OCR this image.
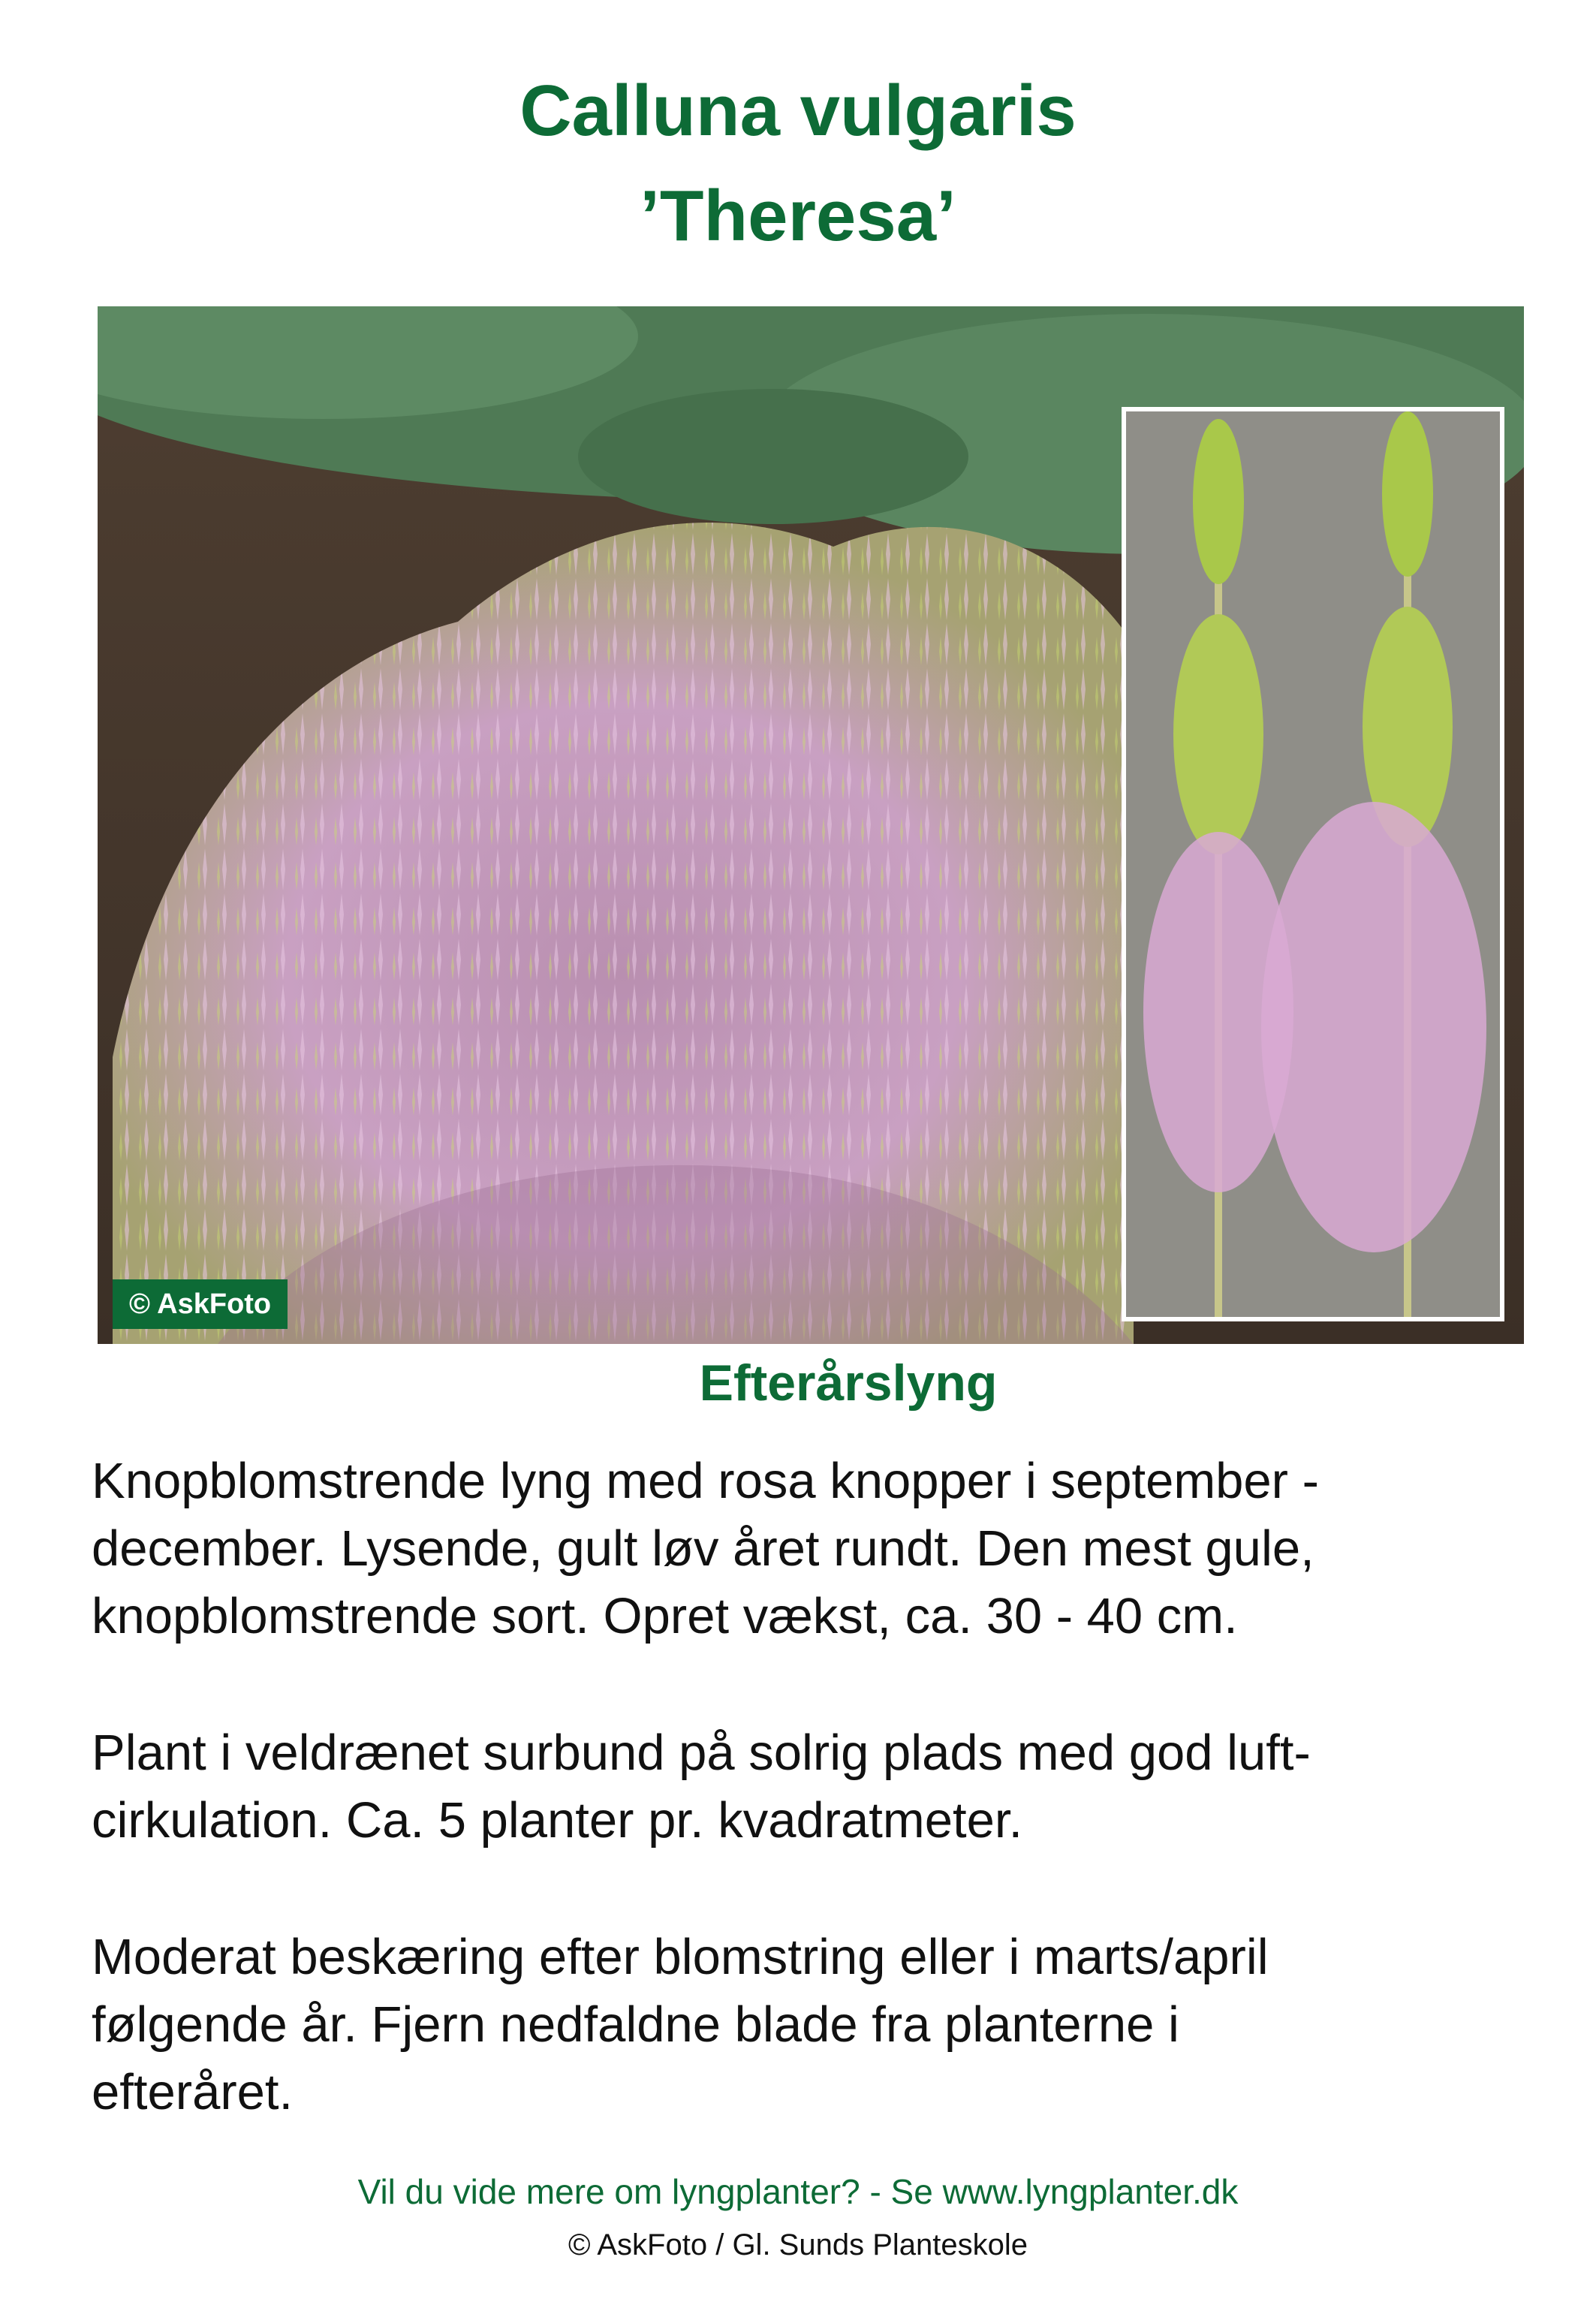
Calluna vulgaris
’Theresa’
© AskFoto
Efterårslyng

Knopblomstrende lyng med rosa knopper i september -
december. Lysende, gult løv året rundt. Den mest gule,
knopblomstrende sort. Opret vækst, ca. 30 - 40 cm.

Plant i veldrænet surbund på solrig plads med god luft-
cirkulation. Ca. 5 planter pr. kvadratmeter.

Moderat beskæring efter blomstring eller i marts/april
følgende år. Fjern nedfaldne blade fra planterne i
efteråret.

Vil du vide mere om lyngplanter? - Se www.lyngplanter.dk
© AskFoto / Gl. Sunds Planteskole
